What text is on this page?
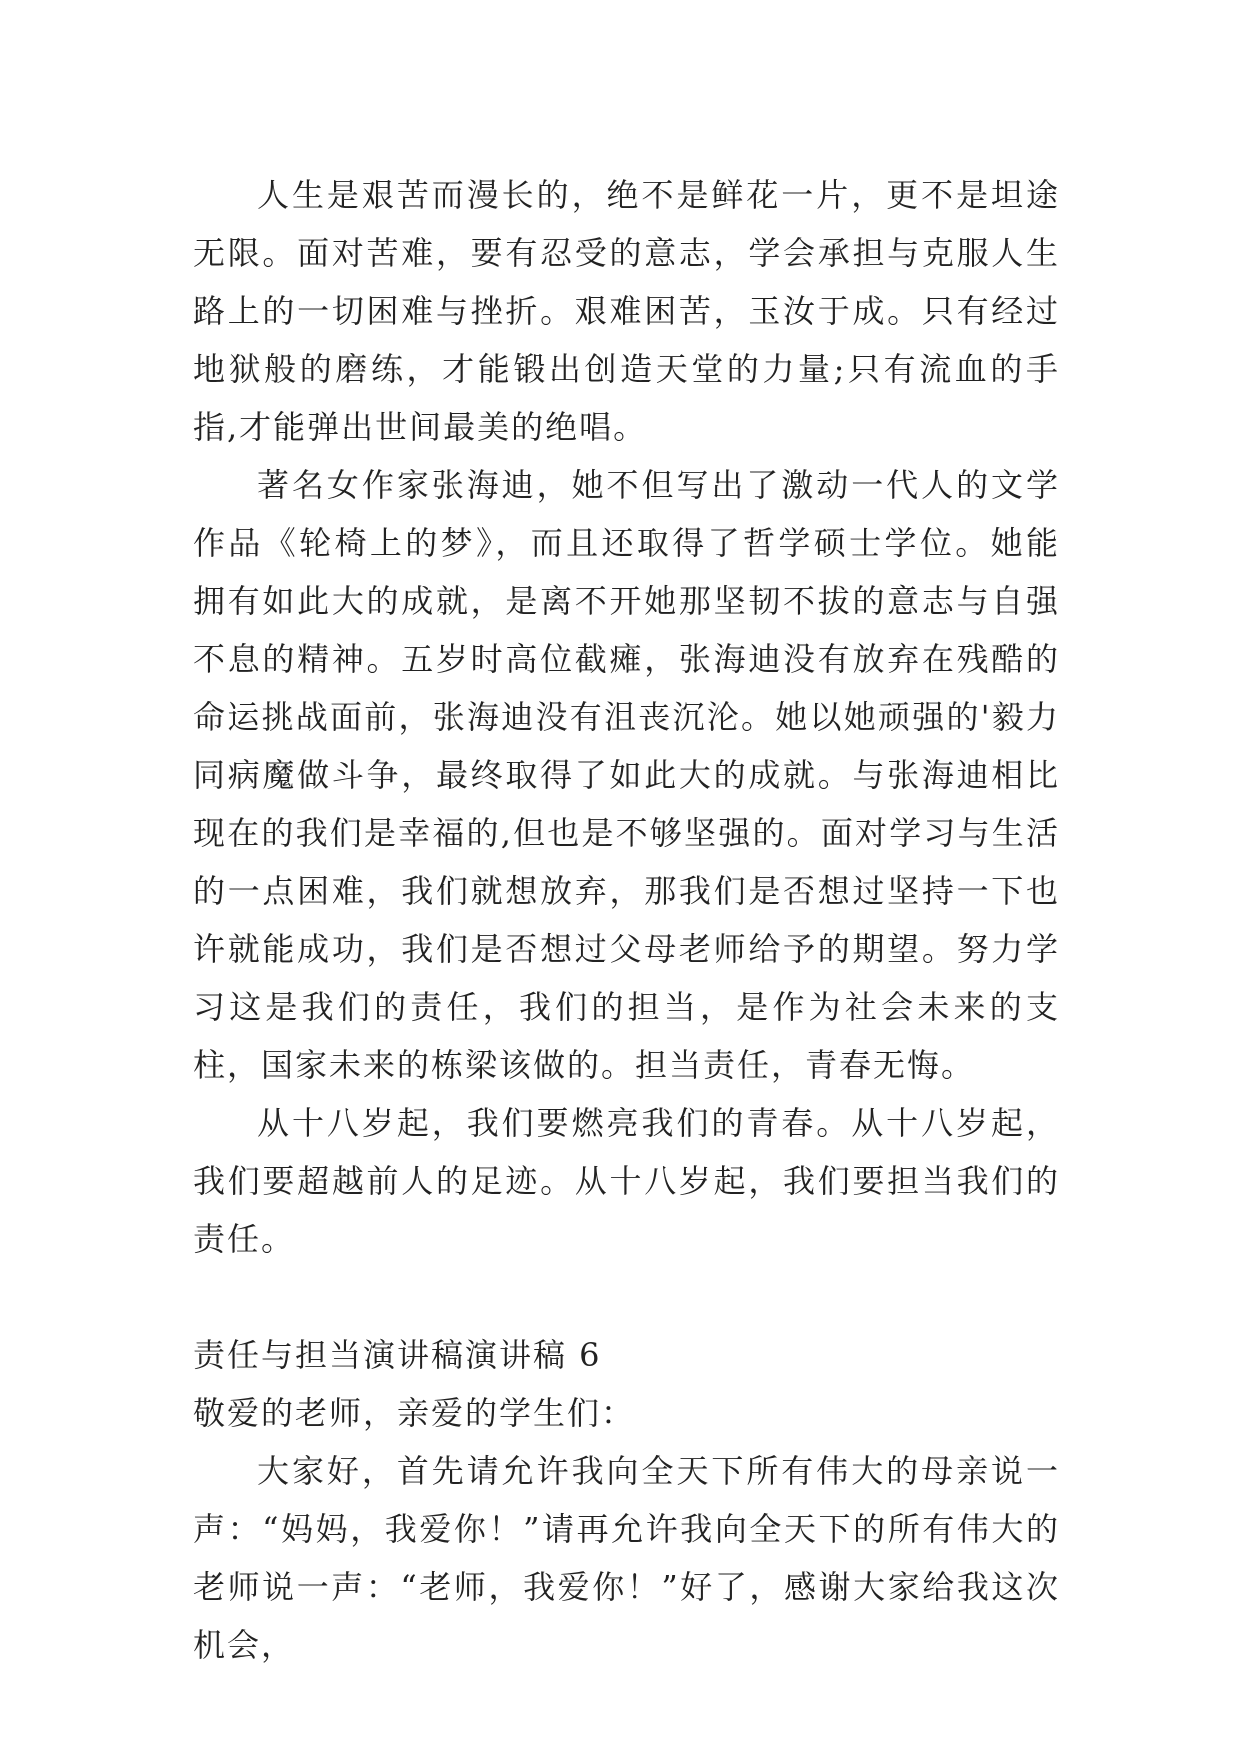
人生是艰苦而漫长的，绝不是鲜花一片，更不是坦途无限。面对苦难，要有忍受的意志，学会承担与克服人生路上的一切困难与挫折。艰难困苦，玉汝于成。只有经过地狱般的磨练，才能锻出创造天堂的力量;只有流血的手指,才能弹出世间最美的绝唱。

著名女作家张海迪，她不但写出了激动一代人的文学作品《轮椅上的梦》，而且还取得了哲学硕士学位。她能拥有如此大的成就，是离不开她那坚韧不拔的意志与自强不息的精神。五岁时高位截瘫，张海迪没有放弃在残酷的命运挑战面前，张海迪没有沮丧沉沦。她以她顽强的'毅力同病魔做斗争，最终取得了如此大的成就。与张海迪相比现在的我们是幸福的,但也是不够坚强的。面对学习与生活的一点困难，我们就想放弃，那我们是否想过坚持一下也许就能成功，我们是否想过父母老师给予的期望。努力学习这是我们的责任，我们的担当，是作为社会未来的支柱，国家未来的栋梁该做的。担当责任，青春无悔。

从十八岁起，我们要燃亮我们的青春。从十八岁起，我们要超越前人的足迹。从十八岁起，我们要担当我们的责任。

责任与担当演讲稿演讲稿 6

敬爱的老师，亲爱的学生们：

大家好，首先请允许我向全天下所有伟大的母亲说一声：“妈妈，我爱你！”请再允许我向全天下的所有伟大的老师说一声：“老师，我爱你！”好了，感谢大家给我这次机会，
